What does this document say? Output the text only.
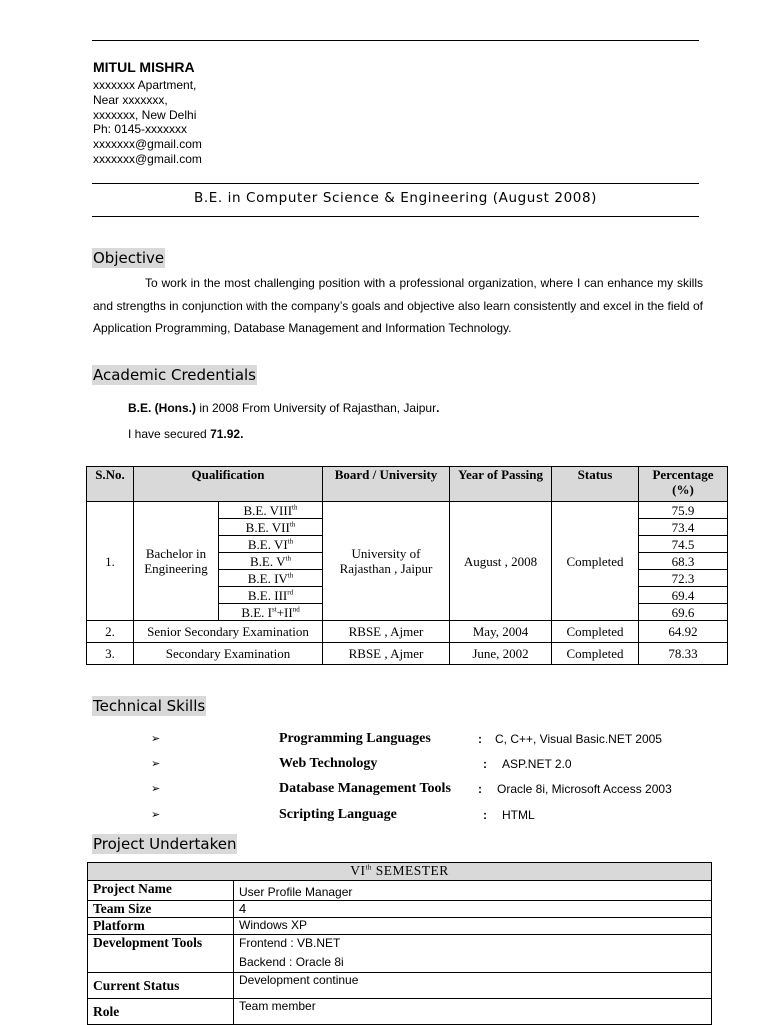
MITUL MISHRA
xxxxxxx Apartment,
Near xxxxxxx,
xxxxxxx, New Delhi
Ph: 0145-xxxxxxx
xxxxxxx@gmail.com
xxxxxxx@gmail.com
B.E. in Computer Science & Engineering (August 2008)
Objective
To work in the most challenging position with a professional organization, where I can enhance my skills and strengths in conjunction with the company’s goals and objective also learn consistently and excel in the field of Application Programming, Database Management and Information Technology.
Academic Credentials
B.E. (Hons.) in 2008 From University of Rajasthan, Jaipur.
I have secured 71.92.
S.No.	Qualification		Board / University	Year of Passing	Status	Percentage (%)
1.	Bachelor in Engineering	B.E. VIIIth	University of Rajasthan , Jaipur	August , 2008	Completed	75.9
		B.E. VIIth				73.4
		B.E. VIth				74.5
		B.E. Vth				68.3
		B.E. IVth				72.3
		B.E. IIIrd				69.4
		B.E. Ist+IInd				69.6
2.	Senior Secondary Examination		RBSE , Ajmer	May, 2004	Completed	64.92
3.	Secondary Examination		RBSE , Ajmer	June, 2002	Completed	78.33
Technical Skills
➢	Programming Languages	: C, C++, Visual Basic.NET 2005
➢	Web Technology	: ASP.NET 2.0
➢	Database Management Tools : Oracle 8i, Microsoft Access 2003
➢	Scripting Language	: HTML
Project Undertaken
VIth SEMESTER	
Project Name	User Profile Manager
Team Size	4
Platform	Windows XP
Development Tools	Frontend : VB.NET
Backend : Oracle 8i

Current Status	Development continue
Role	Team member
